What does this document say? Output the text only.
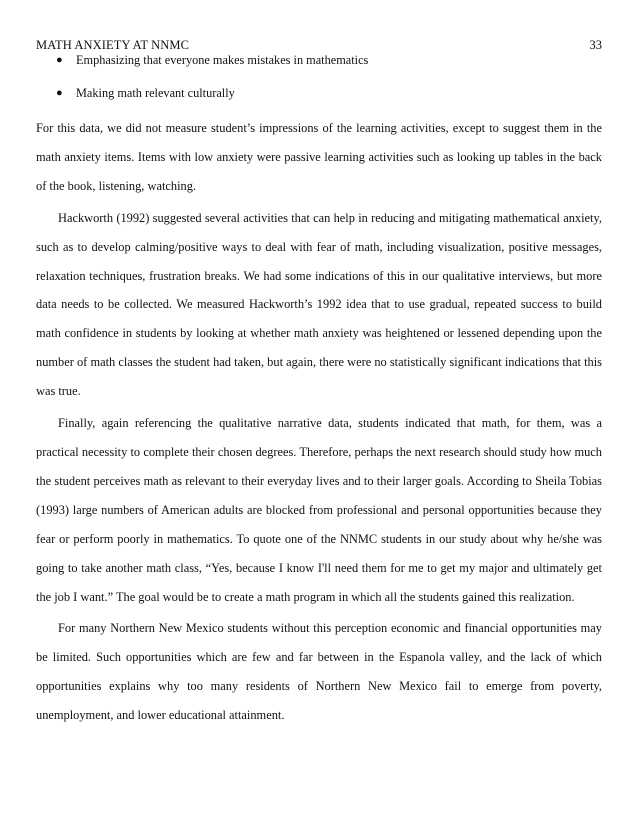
MATH ANXIETY AT NNMC	33
● Emphasizing that everyone makes mistakes in mathematics
● Making math relevant culturally

For this data, we did not measure student’s impressions of the learning activities, except to suggest them in the math anxiety items. Items with low anxiety were passive learning activities such as looking up tables in the back of the book, listening, watching.

Hackworth (1992) suggested several activities that can help in reducing and mitigating mathematical anxiety, such as to develop calming/positive ways to deal with fear of math, including visualization, positive messages, relaxation techniques, frustration breaks. We had some indications of this in our qualitative interviews, but more data needs to be collected. We measured Hackworth’s 1992 idea that to use gradual, repeated success to build math confidence in students by looking at whether math anxiety was heightened or lessened depending upon the number of math classes the student had taken, but again, there were no statistically significant indications that this was true.

Finally, again referencing the qualitative narrative data, students indicated that math, for them, was a practical necessity to complete their chosen degrees. Therefore, perhaps the next research should study how much the student perceives math as relevant to their everyday lives and to their larger goals. According to Sheila Tobias (1993) large numbers of American adults are blocked from professional and personal opportunities because they fear or perform poorly in mathematics. To quote one of the NNMC students in our study about why he/she was going to take another math class, “Yes, because I know I'll need them for me to get my major and ultimately get the job I want.” The goal would be to create a math program in which all the students gained this realization.

For many Northern New Mexico students without this perception economic and financial opportunities may be limited. Such opportunities which are few and far between in the Espanola valley, and the lack of which opportunities explains why too many residents of Northern New Mexico fail to emerge from poverty, unemployment, and lower educational attainment.
